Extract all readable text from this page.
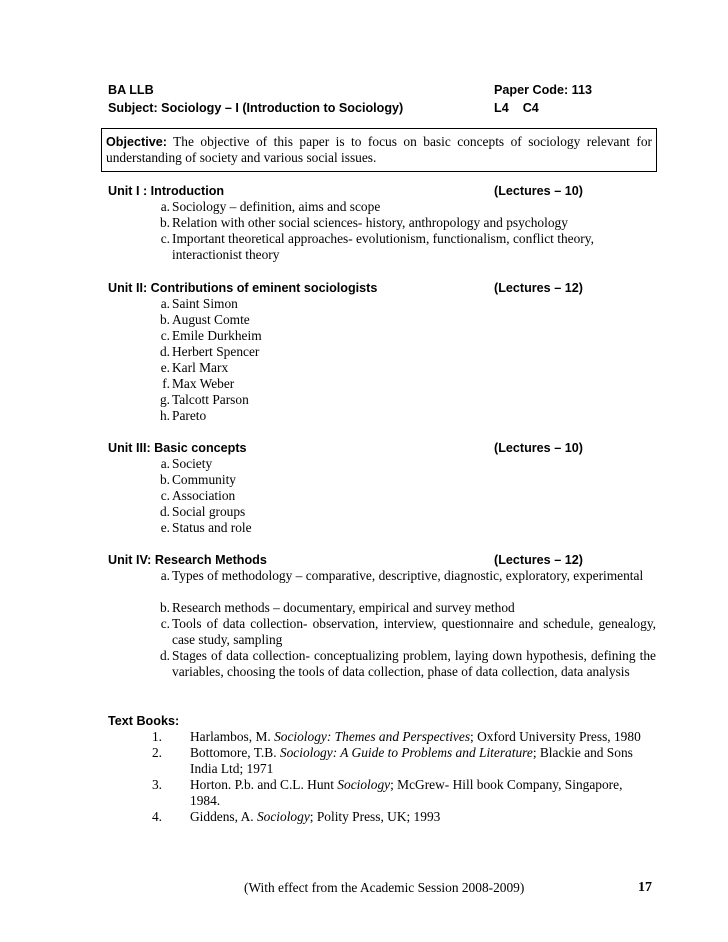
BA LLB	Paper Code: 113
Subject: Sociology – I (Introduction to Sociology)	L4    C4
Objective: The objective of this paper is to focus on basic concepts of sociology relevant for understanding of society and various social issues.
Unit I : Introduction	(Lectures – 10)
a. Sociology – definition, aims and scope
b. Relation with other social sciences- history, anthropology and psychology
c. Important theoretical approaches- evolutionism, functionalism, conflict theory, interactionist theory
Unit II: Contributions of eminent sociologists	(Lectures – 12)
a. Saint Simon
b. August Comte
c. Emile Durkheim
d. Herbert Spencer
e. Karl Marx
f. Max Weber
g. Talcott Parson
h. Pareto
Unit III: Basic concepts	(Lectures – 10)
a. Society
b. Community
c. Association
d. Social groups
e. Status and role
Unit IV: Research Methods	(Lectures – 12)
a. Types of methodology – comparative, descriptive, diagnostic, exploratory, experimental
b. Research methods – documentary, empirical and survey method
c. Tools of data collection- observation, interview, questionnaire and schedule, genealogy, case study, sampling
d. Stages of data collection- conceptualizing problem, laying down hypothesis, defining the variables, choosing the tools of data collection, phase of data collection, data analysis
Text Books:
1. Harlambos, M. Sociology: Themes and Perspectives; Oxford University Press, 1980
2. Bottomore, T.B. Sociology: A Guide to Problems and Literature; Blackie and Sons India Ltd; 1971
3. Horton. P.b. and C.L. Hunt Sociology; McGrew- Hill book Company, Singapore, 1984.
4. Giddens, A. Sociology; Polity Press, UK; 1993
(With effect from the Academic Session 2008-2009)	17
